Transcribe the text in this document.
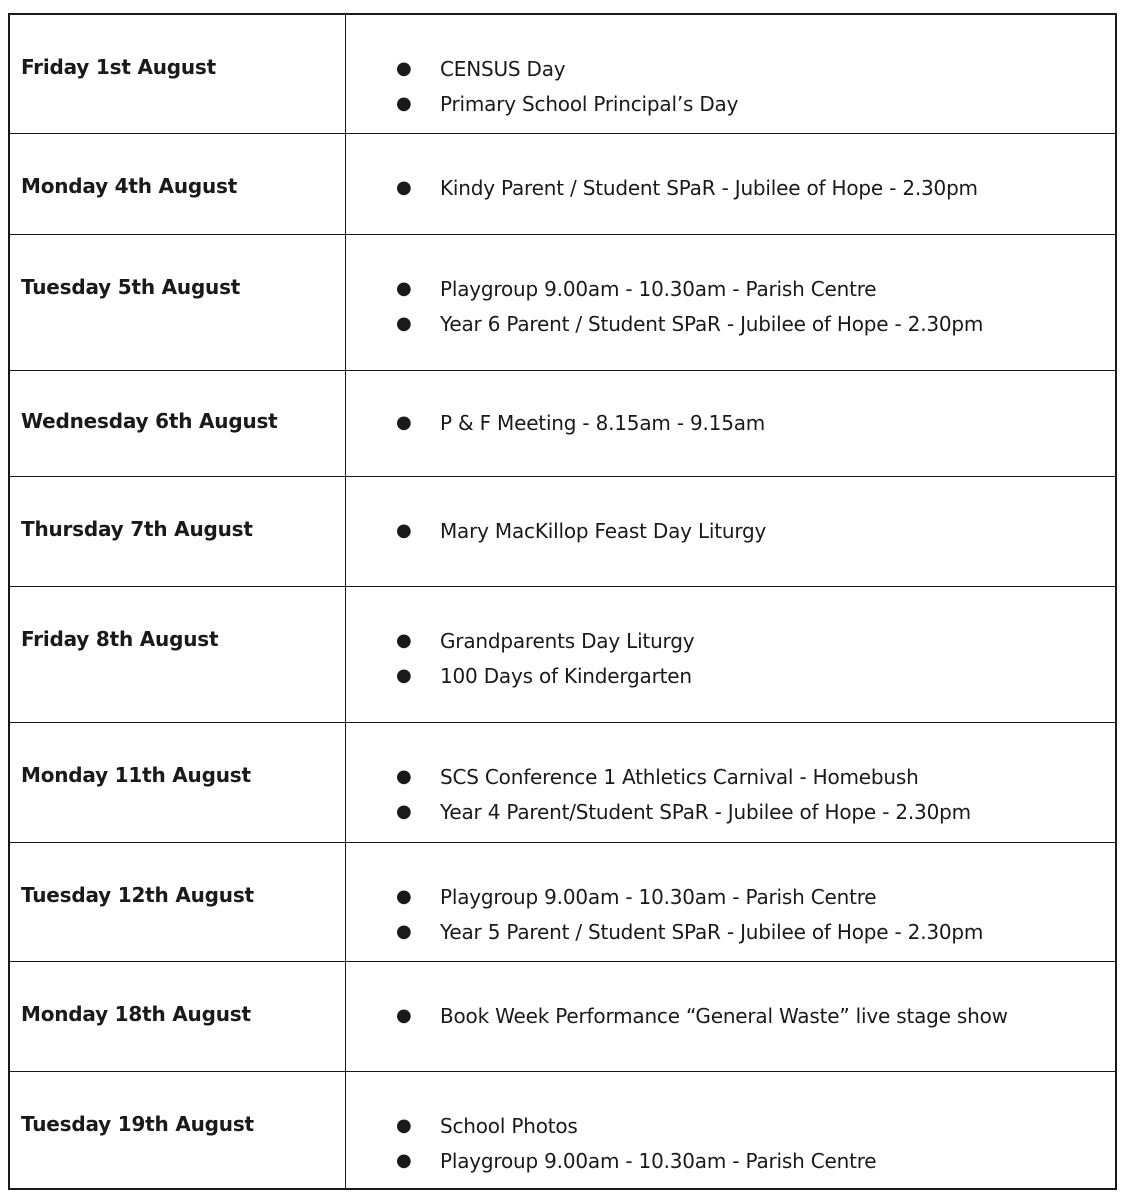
Friday 1st August	●	CENSUS Day
●	Primary School Principal’s Day
Monday 4th August	●	Kindy Parent / Student SPaR - Jubilee of Hope - 2.30pm
Tuesday 5th August	●	Playgroup 9.00am - 10.30am - Parish Centre
●	Year 6 Parent / Student SPaR - Jubilee of Hope - 2.30pm
Wednesday 6th August	●	P & F Meeting - 8.15am - 9.15am
Thursday 7th August	●	Mary MacKillop Feast Day Liturgy
Friday 8th August	●	Grandparents Day Liturgy
●	100 Days of Kindergarten
Monday 11th August	●	SCS Conference 1 Athletics Carnival - Homebush
●	Year 4 Parent/Student SPaR - Jubilee of Hope - 2.30pm
Tuesday 12th August	●	Playgroup 9.00am - 10.30am - Parish Centre
●	Year 5 Parent / Student SPaR - Jubilee of Hope - 2.30pm
Monday 18th August	●	Book Week Performance “General Waste” live stage show
Tuesday 19th August	●	School Photos
●	Playgroup 9.00am - 10.30am - Parish Centre
